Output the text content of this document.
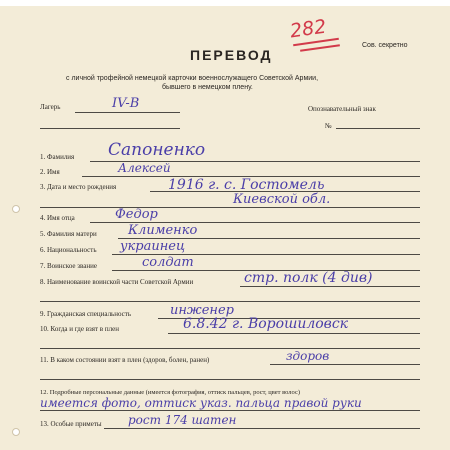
ПЕРЕВОД
282
Сов. секретно
с личной трофейной немецкой карточки военнослужащего Советской Армии,
бывшего в немецком плену.
Лагерь	IV-B	Опознавательный знак
№
1. Фамилия Сапоненко
2. Имя	Алексей
3. Дата и место рождения	1916 г. с. Гостомель
Киевской обл.
4. Имя отца	Федор
5. Фамилия матери Клименко
6. Национальность украинец
7. Воинское звание	солдат
8. Наименование воинской части Советской Армии	стр. полк (4 див)
9. Гражданская специальность	инженер
10. Когда и где взят в плен	6.8.42 г. Ворошиловск
11. В каком состоянии взят в плен (здоров, болен, ранен)	здоров
12. Подробные персональные данные (имеется фотография, оттиск пальцев, рост, цвет волос)
имеется фото, оттиск указ. пальца правой руки
13. Особые приметы рост 174 шатен
